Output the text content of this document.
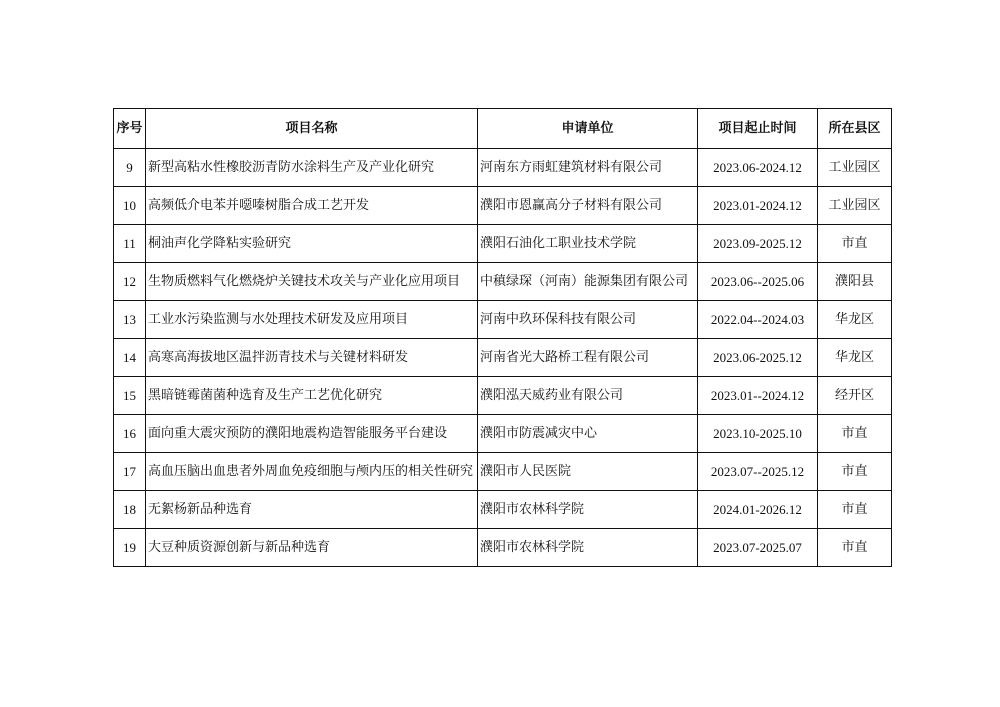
序号	项目名称	申请单位	项目起止时间	所在县区
9	新型高粘水性橡胶沥青防水涂料生产及产业化研究	河南东方雨虹建筑材料有限公司	2023.06-2024.12	工业园区
10	高频低介电苯并噁嗪树脂合成工艺开发	濮阳市恩赢高分子材料有限公司	2023.01-2024.12	工业园区
11	桐油声化学降粘实验研究	濮阳石油化工职业技术学院	2023.09-2025.12	市直
12	生物质燃料气化燃烧炉关键技术攻关与产业化应用项目	中稹绿琛（河南）能源集团有限公司	2023.06--2025.06	濮阳县
13	工业水污染监测与水处理技术研发及应用项目	河南中玖环保科技有限公司	2022.04--2024.03	华龙区
14	高寒高海拔地区温拌沥青技术与关键材料研发	河南省光大路桥工程有限公司	2023.06-2025.12	华龙区
15	黑暗链霉菌菌种选育及生产工艺优化研究	濮阳泓天威药业有限公司	2023.01--2024.12	经开区
16	面向重大震灾预防的濮阳地震构造智能服务平台建设	濮阳市防震减灾中心	2023.10-2025.10	市直
17	高血压脑出血患者外周血免疫细胞与颅内压的相关性研究	濮阳市人民医院	2023.07--2025.12	市直
18	无絮杨新品种选育	濮阳市农林科学院	2024.01-2026.12	市直
19	大豆种质资源创新与新品种选育	濮阳市农林科学院	2023.07-2025.07	市直
